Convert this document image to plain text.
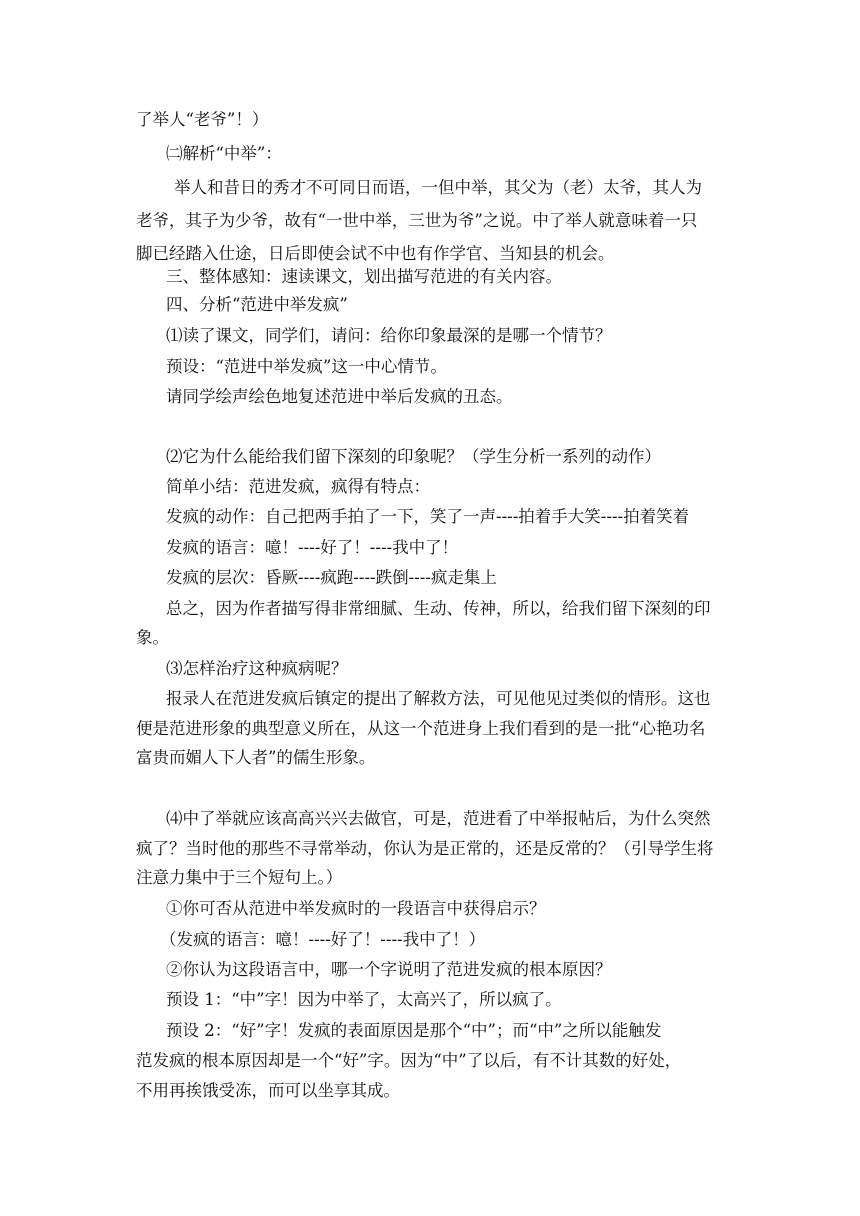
了举人“老爷”！）
㈡解析“中举”：
举人和昔日的秀才不可同日而语，一但中举，其父为（老）太爷，其人为
老爷，其子为少爷，故有“一世中举，三世为爷”之说。中了举人就意味着一只
脚已经踏入仕途，日后即使会试不中也有作学官、当知县的机会。
三、整体感知：速读课文，划出描写范进的有关内容。
四、分析“范进中举发疯”
⑴读了课文，同学们，请问：给你印象最深的是哪一个情节？
预设：“范进中举发疯”这一中心情节。
请同学绘声绘色地复述范进中举后发疯的丑态。
⑵它为什么能给我们留下深刻的印象呢？（学生分析一系列的动作）
简单小结：范进发疯，疯得有特点：
发疯的动作：自己把两手拍了一下，笑了一声----拍着手大笑----拍着笑着
发疯的语言：噫！----好了！----我中了！
发疯的层次：昏厥----疯跑----跌倒----疯走集上
总之，因为作者描写得非常细腻、生动、传神，所以，给我们留下深刻的印
象。
⑶怎样治疗这种疯病呢？
报录人在范进发疯后镇定的提出了解救方法，可见他见过类似的情形。这也
便是范进形象的典型意义所在，从这一个范进身上我们看到的是一批“心艳功名
富贵而媚人下人者”的儒生形象。
⑷中了举就应该高高兴兴去做官，可是，范进看了中举报帖后，为什么突然
疯了？当时他的那些不寻常举动，你认为是正常的，还是反常的？（引导学生将
注意力集中于三个短句上。）
①你可否从范进中举发疯时的一段语言中获得启示？
（发疯的语言：噫！----好了！----我中了！）
②你认为这段语言中，哪一个字说明了范进发疯的根本原因？
预设 1：“中”字！因为中举了，太高兴了，所以疯了。
预设 2：“好”字！发疯的表面原因是那个“中”；而“中”之所以能触发
范发疯的根本原因却是一个“好”字。因为“中”了以后，有不计其数的好处，
不用再挨饿受冻，而可以坐享其成。
